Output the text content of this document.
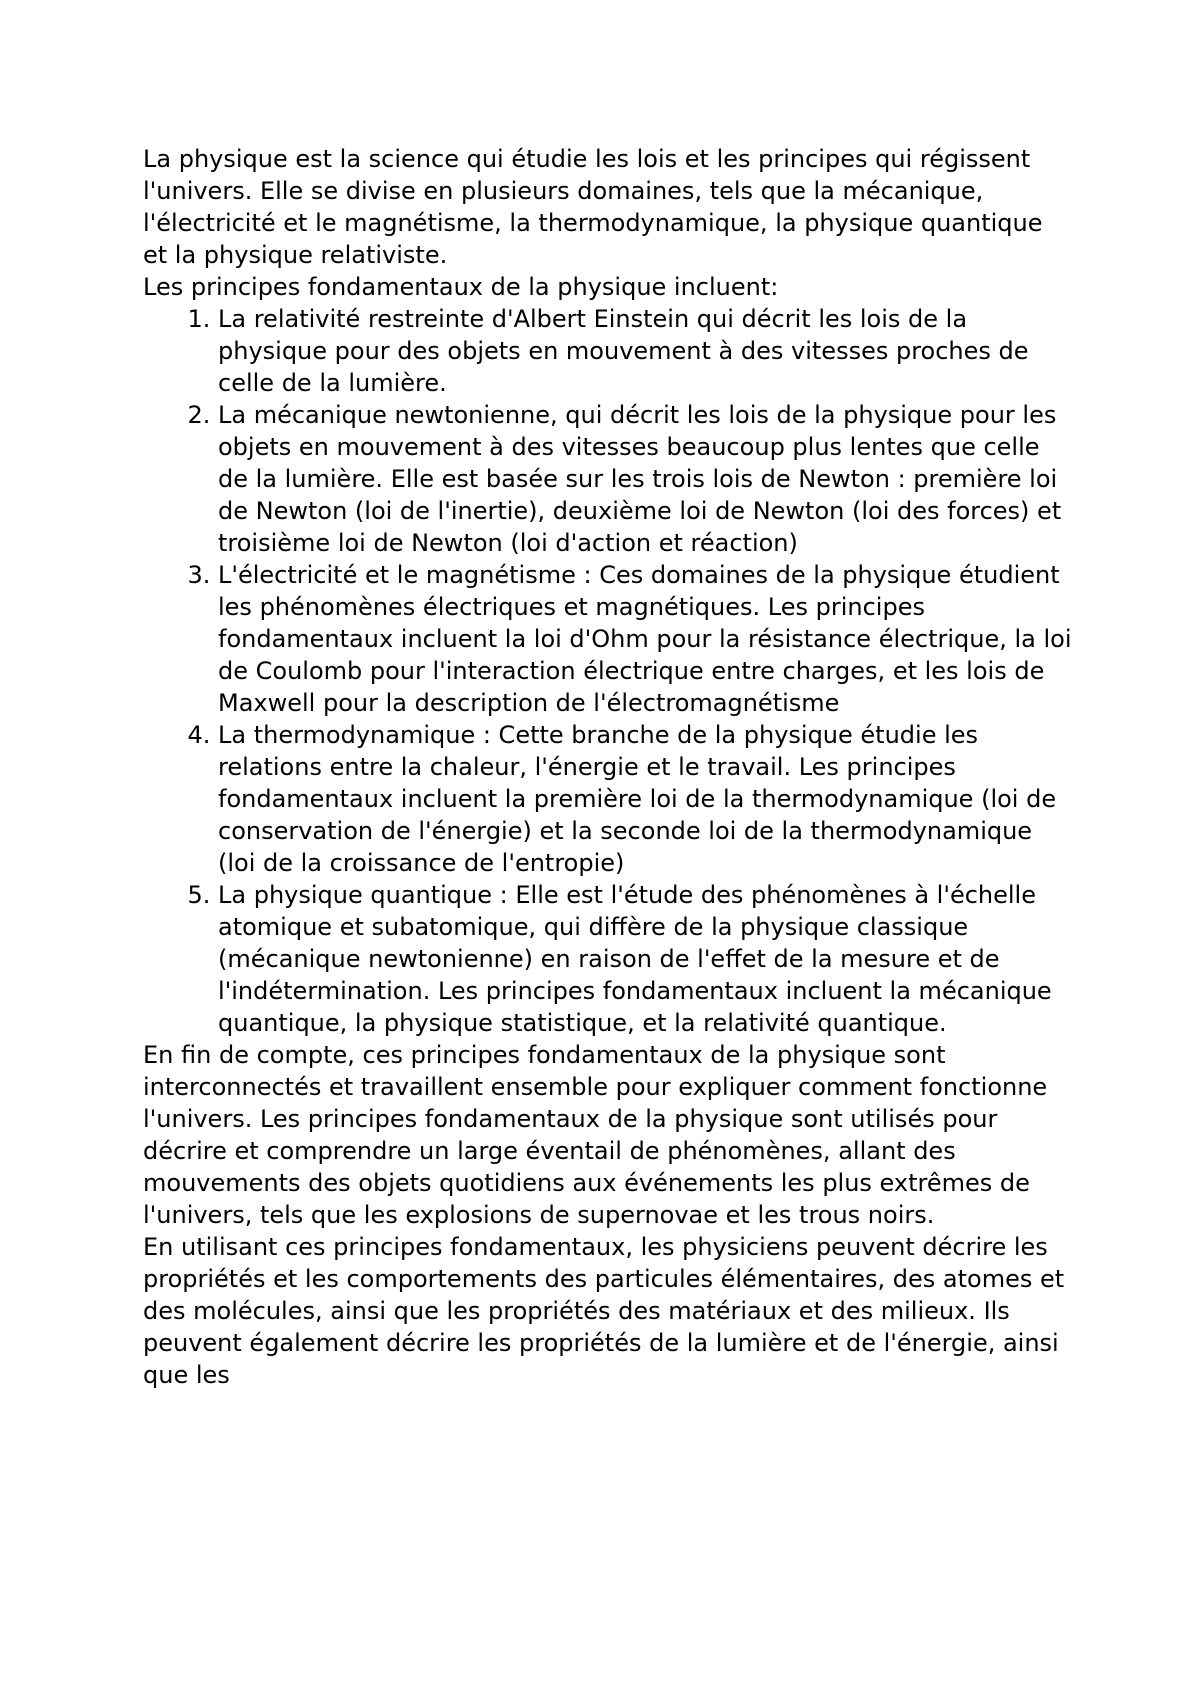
La physique est la science qui étudie les lois et les principes qui régissent l'univers. Elle se divise en plusieurs domaines, tels que la mécanique, l'électricité et le magnétisme, la thermodynamique, la physique quantique et la physique relativiste.

Les principes fondamentaux de la physique incluent:

1. La relativité restreinte d'Albert Einstein qui décrit les lois de la physique pour des objets en mouvement à des vitesses proches de celle de la lumière.
2. La mécanique newtonienne, qui décrit les lois de la physique pour les objets en mouvement à des vitesses beaucoup plus lentes que celle de la lumière. Elle est basée sur les trois lois de Newton : première loi de Newton (loi de l'inertie), deuxième loi de Newton (loi des forces) et troisième loi de Newton (loi d'action et réaction)
3. L'électricité et le magnétisme : Ces domaines de la physique étudient les phénomènes électriques et magnétiques. Les principes fondamentaux incluent la loi d'Ohm pour la résistance électrique, la loi de Coulomb pour l'interaction électrique entre charges, et les lois de Maxwell pour la description de l'électromagnétisme
4. La thermodynamique : Cette branche de la physique étudie les relations entre la chaleur, l'énergie et le travail. Les principes fondamentaux incluent la première loi de la thermodynamique (loi de conservation de l'énergie) et la seconde loi de la thermodynamique (loi de la croissance de l'entropie)
5. La physique quantique : Elle est l'étude des phénomènes à l'échelle atomique et subatomique, qui diffère de la physique classique (mécanique newtonienne) en raison de l'effet de la mesure et de l'indétermination. Les principes fondamentaux incluent la mécanique quantique, la physique statistique, et la relativité quantique.

En fin de compte, ces principes fondamentaux de la physique sont interconnectés et travaillent ensemble pour expliquer comment fonctionne l'univers. Les principes fondamentaux de la physique sont utilisés pour décrire et comprendre un large éventail de phénomènes, allant des mouvements des objets quotidiens aux événements les plus extrêmes de l'univers, tels que les explosions de supernovae et les trous noirs.

En utilisant ces principes fondamentaux, les physiciens peuvent décrire les propriétés et les comportements des particules élémentaires, des atomes et des molécules, ainsi que les propriétés des matériaux et des milieux. Ils peuvent également décrire les propriétés de la lumière et de l'énergie, ainsi que les
